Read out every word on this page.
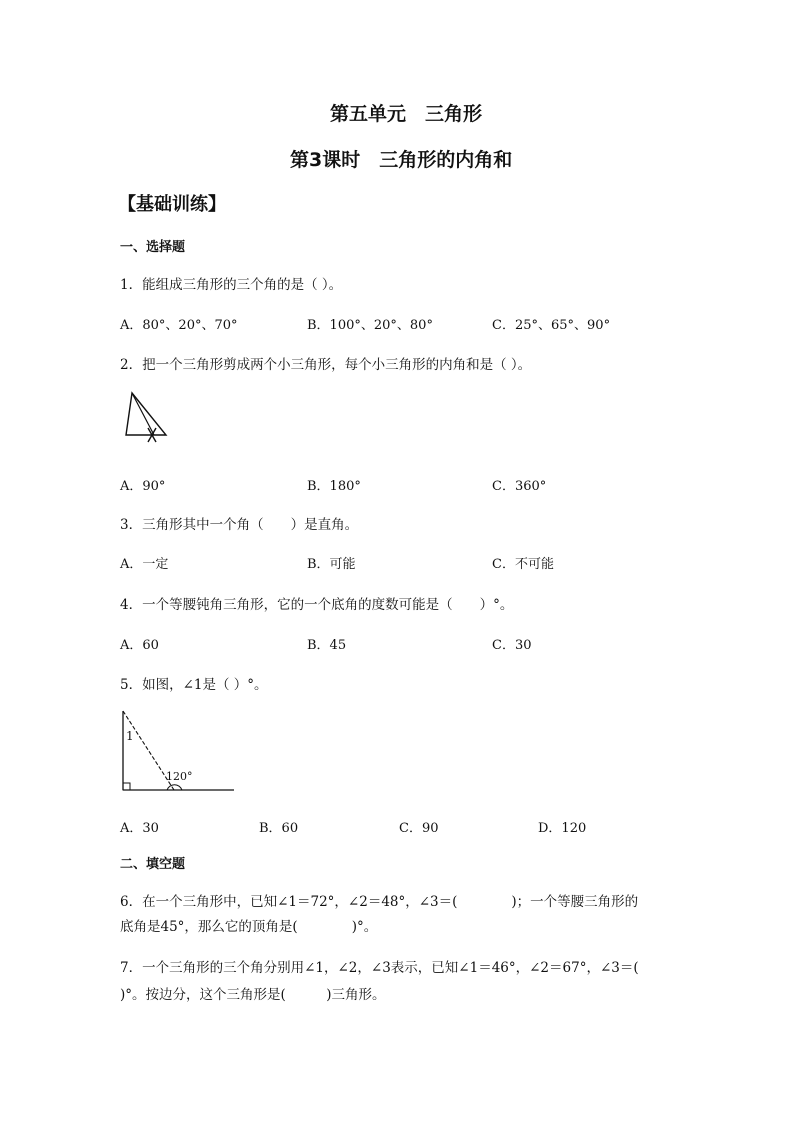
第五单元　三角形
第3课时　三角形的内角和
【基础训练】
一、选择题
1．能组成三角形的三个角的是（ ）。
A．80°、20°、70°	B．100°、20°、80°	C．25°、65°、90°
2．把一个三角形剪成两个小三角形，每个小三角形的内角和是（ ）。
A．90°	B．180°	C．360°
3．三角形其中一个角（　　）是直角。
A．一定	B．可能	C．不可能
4．一个等腰钝角三角形，它的一个底角的度数可能是（　　）°。
A．60	B．45	C．30
5．如图，∠1是（ ）°。
1
120°
A．30	B．60	C．90	D．120
二、填空题
6．在一个三角形中，已知∠1＝72°，∠2＝48°，∠3＝(　　　　)；一个等腰三角形的
底角是45°，那么它的顶角是(　　　　)°。
7．一个三角形的三个角分别用∠1，∠2，∠3表示，已知∠1＝46°，∠2＝67°，∠3＝(
)°。按边分，这个三角形是(　　　)三角形。
